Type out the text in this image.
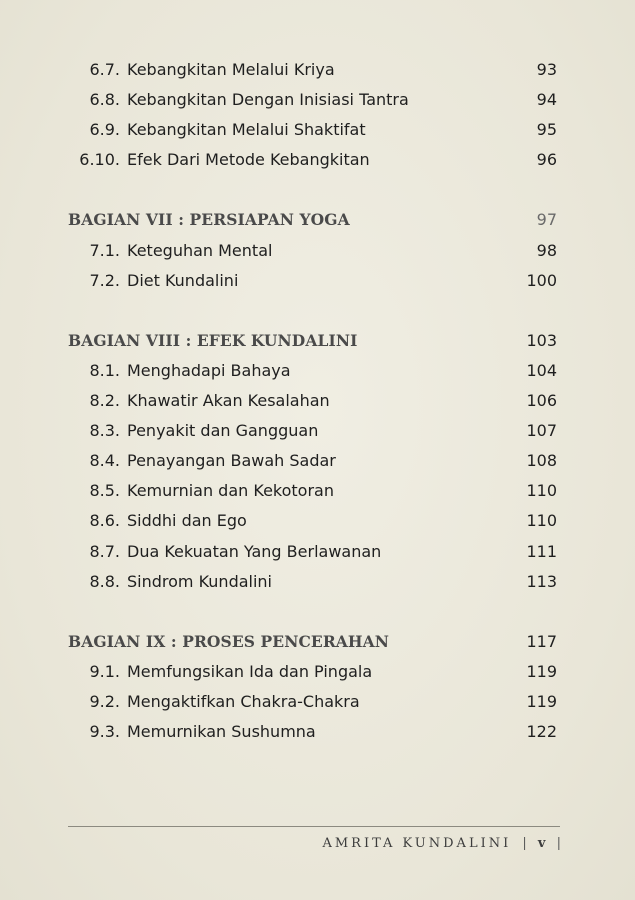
6.7. Kebangkitan Melalui Kriya	93
6.8. Kebangkitan Dengan Inisiasi Tantra	94
6.9. Kebangkitan Melalui Shaktifat	95
6.10. Efek Dari Metode Kebangkitan	96
BAGIAN VII : PERSIAPAN YOGA	97
7.1. Keteguhan Mental	98
7.2. Diet Kundalini	100
BAGIAN VIII : EFEK KUNDALINI	103
8.1. Menghadapi Bahaya	104
8.2. Khawatir Akan Kesalahan	106
8.3. Penyakit dan Gangguan	107
8.4. Penayangan Bawah Sadar	108
8.5. Kemurnian dan Kekotoran	110
8.6. Siddhi dan Ego	110
8.7. Dua Kekuatan Yang Berlawanan	111
8.8. Sindrom Kundalini	113
BAGIAN IX : PROSES PENCERAHAN	117
9.1. Memfungsikan Ida dan Pingala	119
9.2. Mengaktifkan Chakra-Chakra	119
9.3. Memurnikan Sushumna	122
AMRITA KUNDALINI | v |
